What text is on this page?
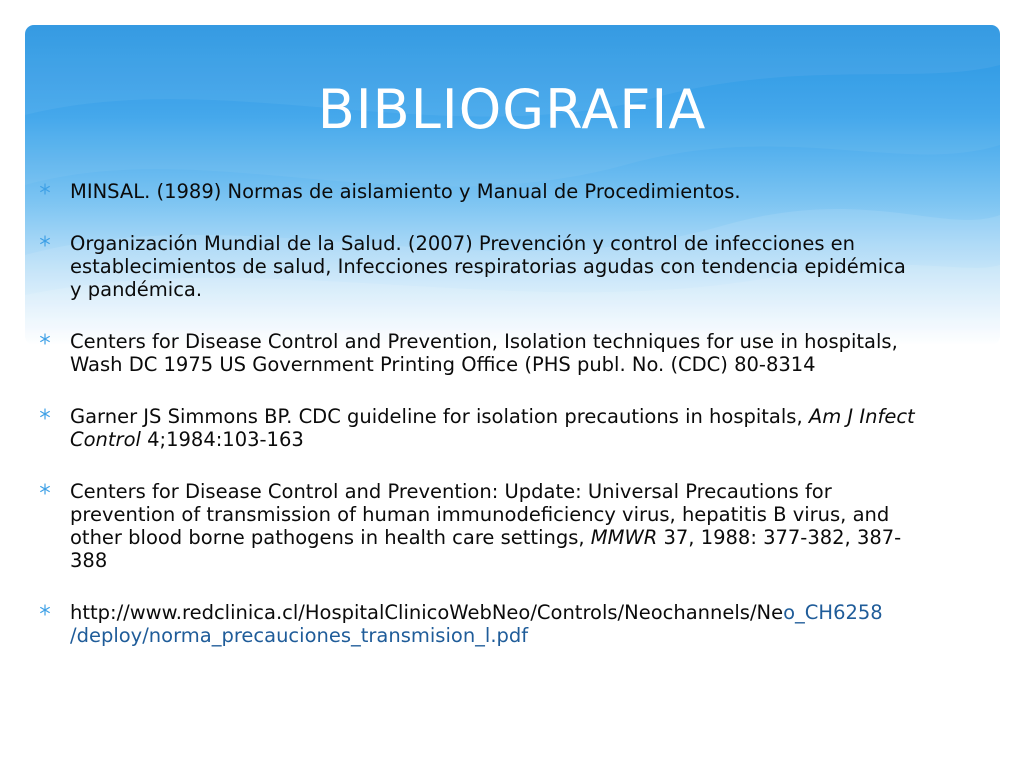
BIBLIOGRAFIA
MINSAL. (1989) Normas de aislamiento y Manual de Procedimientos.
Organización Mundial de la Salud. (2007) Prevención y control de infecciones en establecimientos de salud, Infecciones respiratorias agudas con tendencia epidémica y pandémica.
Centers for Disease Control and Prevention, Isolation techniques for use in hospitals, Wash DC 1975 US Government Printing Office (PHS publ. No. (CDC) 80-8314
Garner JS Simmons BP. CDC guideline for isolation precautions in hospitals, Am J Infect Control 4;1984:103-163
Centers for Disease Control and Prevention: Update: Universal Precautions for prevention of transmission of human immunodeficiency virus, hepatitis B virus, and other blood borne pathogens in health care settings, MMWR 37, 1988: 377-382, 387-388
http://www.redclinica.cl/HospitalClinicoWebNeo/Controls/Neochannels/Neo_CH6258 /deploy/norma_precauciones_transmision_l.pdf
